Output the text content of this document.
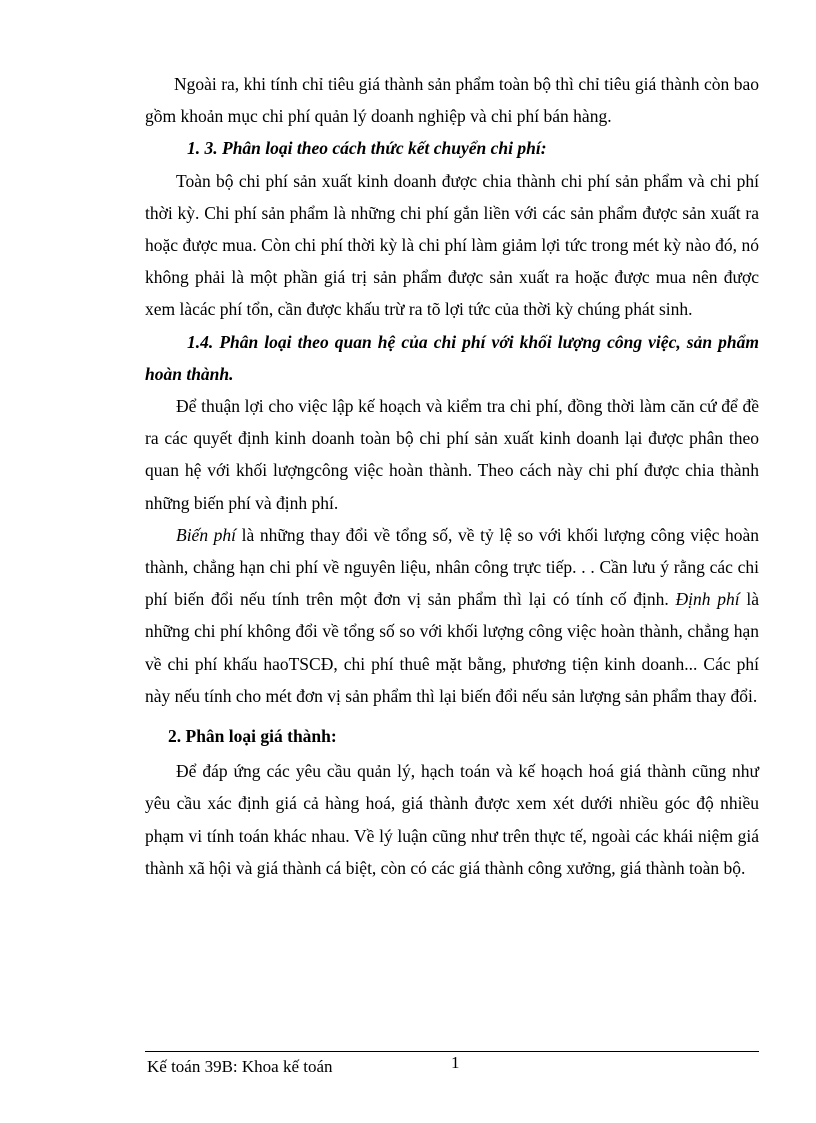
Ngoài ra, khi tính chỉ tiêu giá thành sản phẩm toàn bộ thì chỉ tiêu giá thành còn bao gồm khoản mục chi phí quản lý doanh nghiệp và chi phí bán hàng.

1. 3. Phân loại theo cách thức kết chuyển chi phí:

Toàn bộ chi phí sản xuất kinh doanh được chia thành chi phí sản phẩm và chi phí thời kỳ. Chi phí sản phẩm là những chi phí gắn liền với các sản phẩm được sản xuất ra hoặc được mua. Còn chi phí thời kỳ là chi phí làm giảm lợi tức trong mét kỳ nào đó, nó không phải là một phần giá trị sản phẩm được sản xuất ra hoặc được mua nên được xem làcác phí tổn, cần được khấu trừ ra tõ lợi tức của thời kỳ chúng phát sinh.

1.4. Phân loại theo quan hệ của chi phí với khối lượng công việc, sản phẩm hoàn thành.

Để thuận lợi cho việc lập kế hoạch và kiểm tra chi phí, đồng thời làm căn cứ để đề ra các quyết định kinh doanh toàn bộ chi phí sản xuất kinh doanh lại được phân theo quan hệ với khối lượngcông việc hoàn thành. Theo cách này chi phí được chia thành những biến phí và định phí.

Biến phí là những thay đổi về tổng số, về tỷ lệ so với khối lượng công việc hoàn thành, chẳng hạn chi phí về nguyên liệu, nhân công trực tiếp. . . Cần lưu ý rằng các chi phí biến đổi nếu tính trên một đơn vị sản phẩm thì lại có tính cố định. Định phí là những chi phí không đổi về tổng số so với khối lượng công việc hoàn thành, chẳng hạn về chi phí khấu haoTSCĐ, chi phí thuê mặt bằng, phương tiện kinh doanh... Các phí này nếu tính cho mét đơn vị sản phẩm thì lại biến đổi nếu sản lượng sản phẩm thay đổi.

2. Phân loại giá thành:

Để đáp ứng các yêu cầu quản lý, hạch toán và kế hoạch hoá giá thành cũng như yêu cầu xác định giá cả hàng hoá, giá thành được xem xét dưới nhiều góc độ nhiều phạm vi tính toán khác nhau. Về lý luận cũng như trên thực tế, ngoài các khái niệm giá thành xã hội và giá thành cá biệt, còn có các giá thành công xưởng, giá thành toàn bộ.

Kế toán 39B: Khoa kế toán	1
